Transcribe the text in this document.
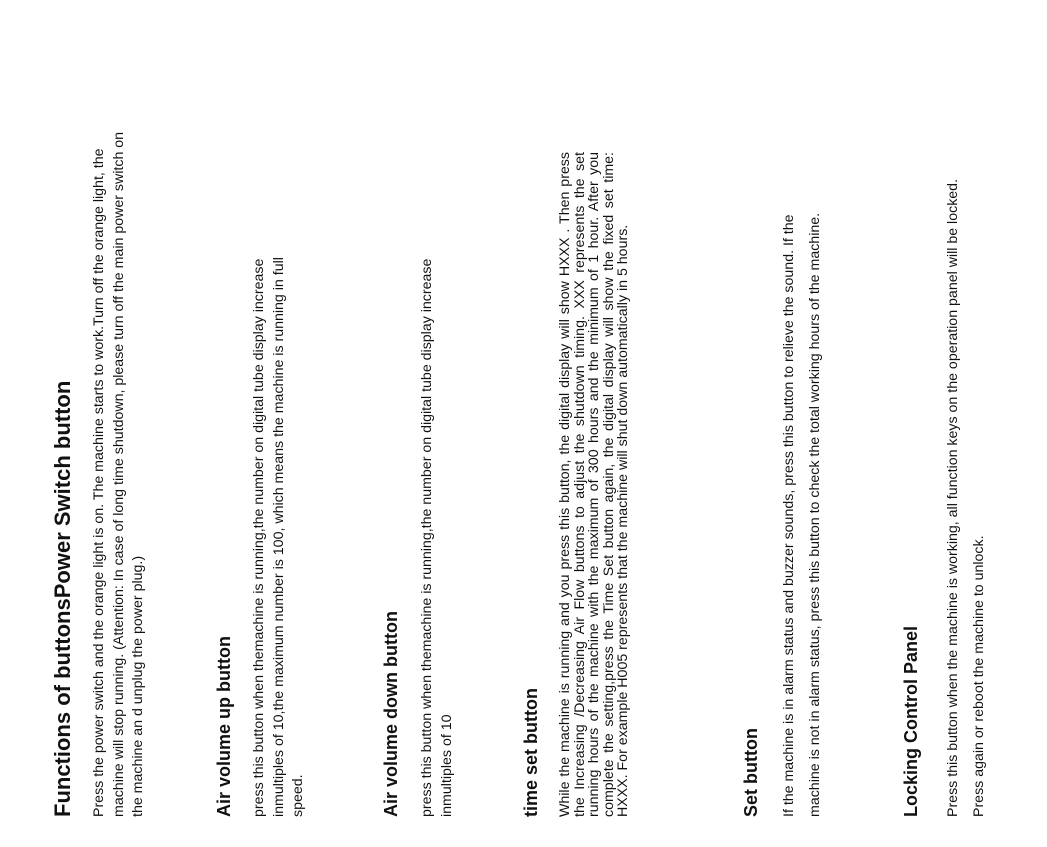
Functions of buttonsPower Switch button Press the power switch and the orange light is on. The machine starts to work.Turn off the orange light, the machine will stop running. (Attention: In case of long time shutdown, please turn off the main power switch on the machine an d unplug the power plug.)	Air volume up button press this button when themachine is running,the number on digital tube display increase inmultiples of 10,the maximum number is 100, which means the machine is running in full speed.	Air volume down button press this button when themachine is running,the number on digital tube display increase inmultiples of 10	time set button While the machine is running and you press this button, the digital display will show HXXX . Then press the Increasing /Decreasing Air Flow buttons to adjust the shutdown timing. XXX represents the set running hours of the machine with the maximum of 300 hours and the minimum of 1 hour. After you complete the setting,press the Time Set button again, the digital display will show the fixed set time: HXXX. For example H005 represents that the machine will shut down automatically in 5 hours.	Set button	If the machine is in alarm status and buzzer sounds, press this button to relieve the sound. If the machine is not in alarm status, press this button to check the total working hours of the machine.	Locking Control Panel	Press this button when the machine is working, all function keys on the operation panel will be locked. Press again or reboot the machine to unlock.
